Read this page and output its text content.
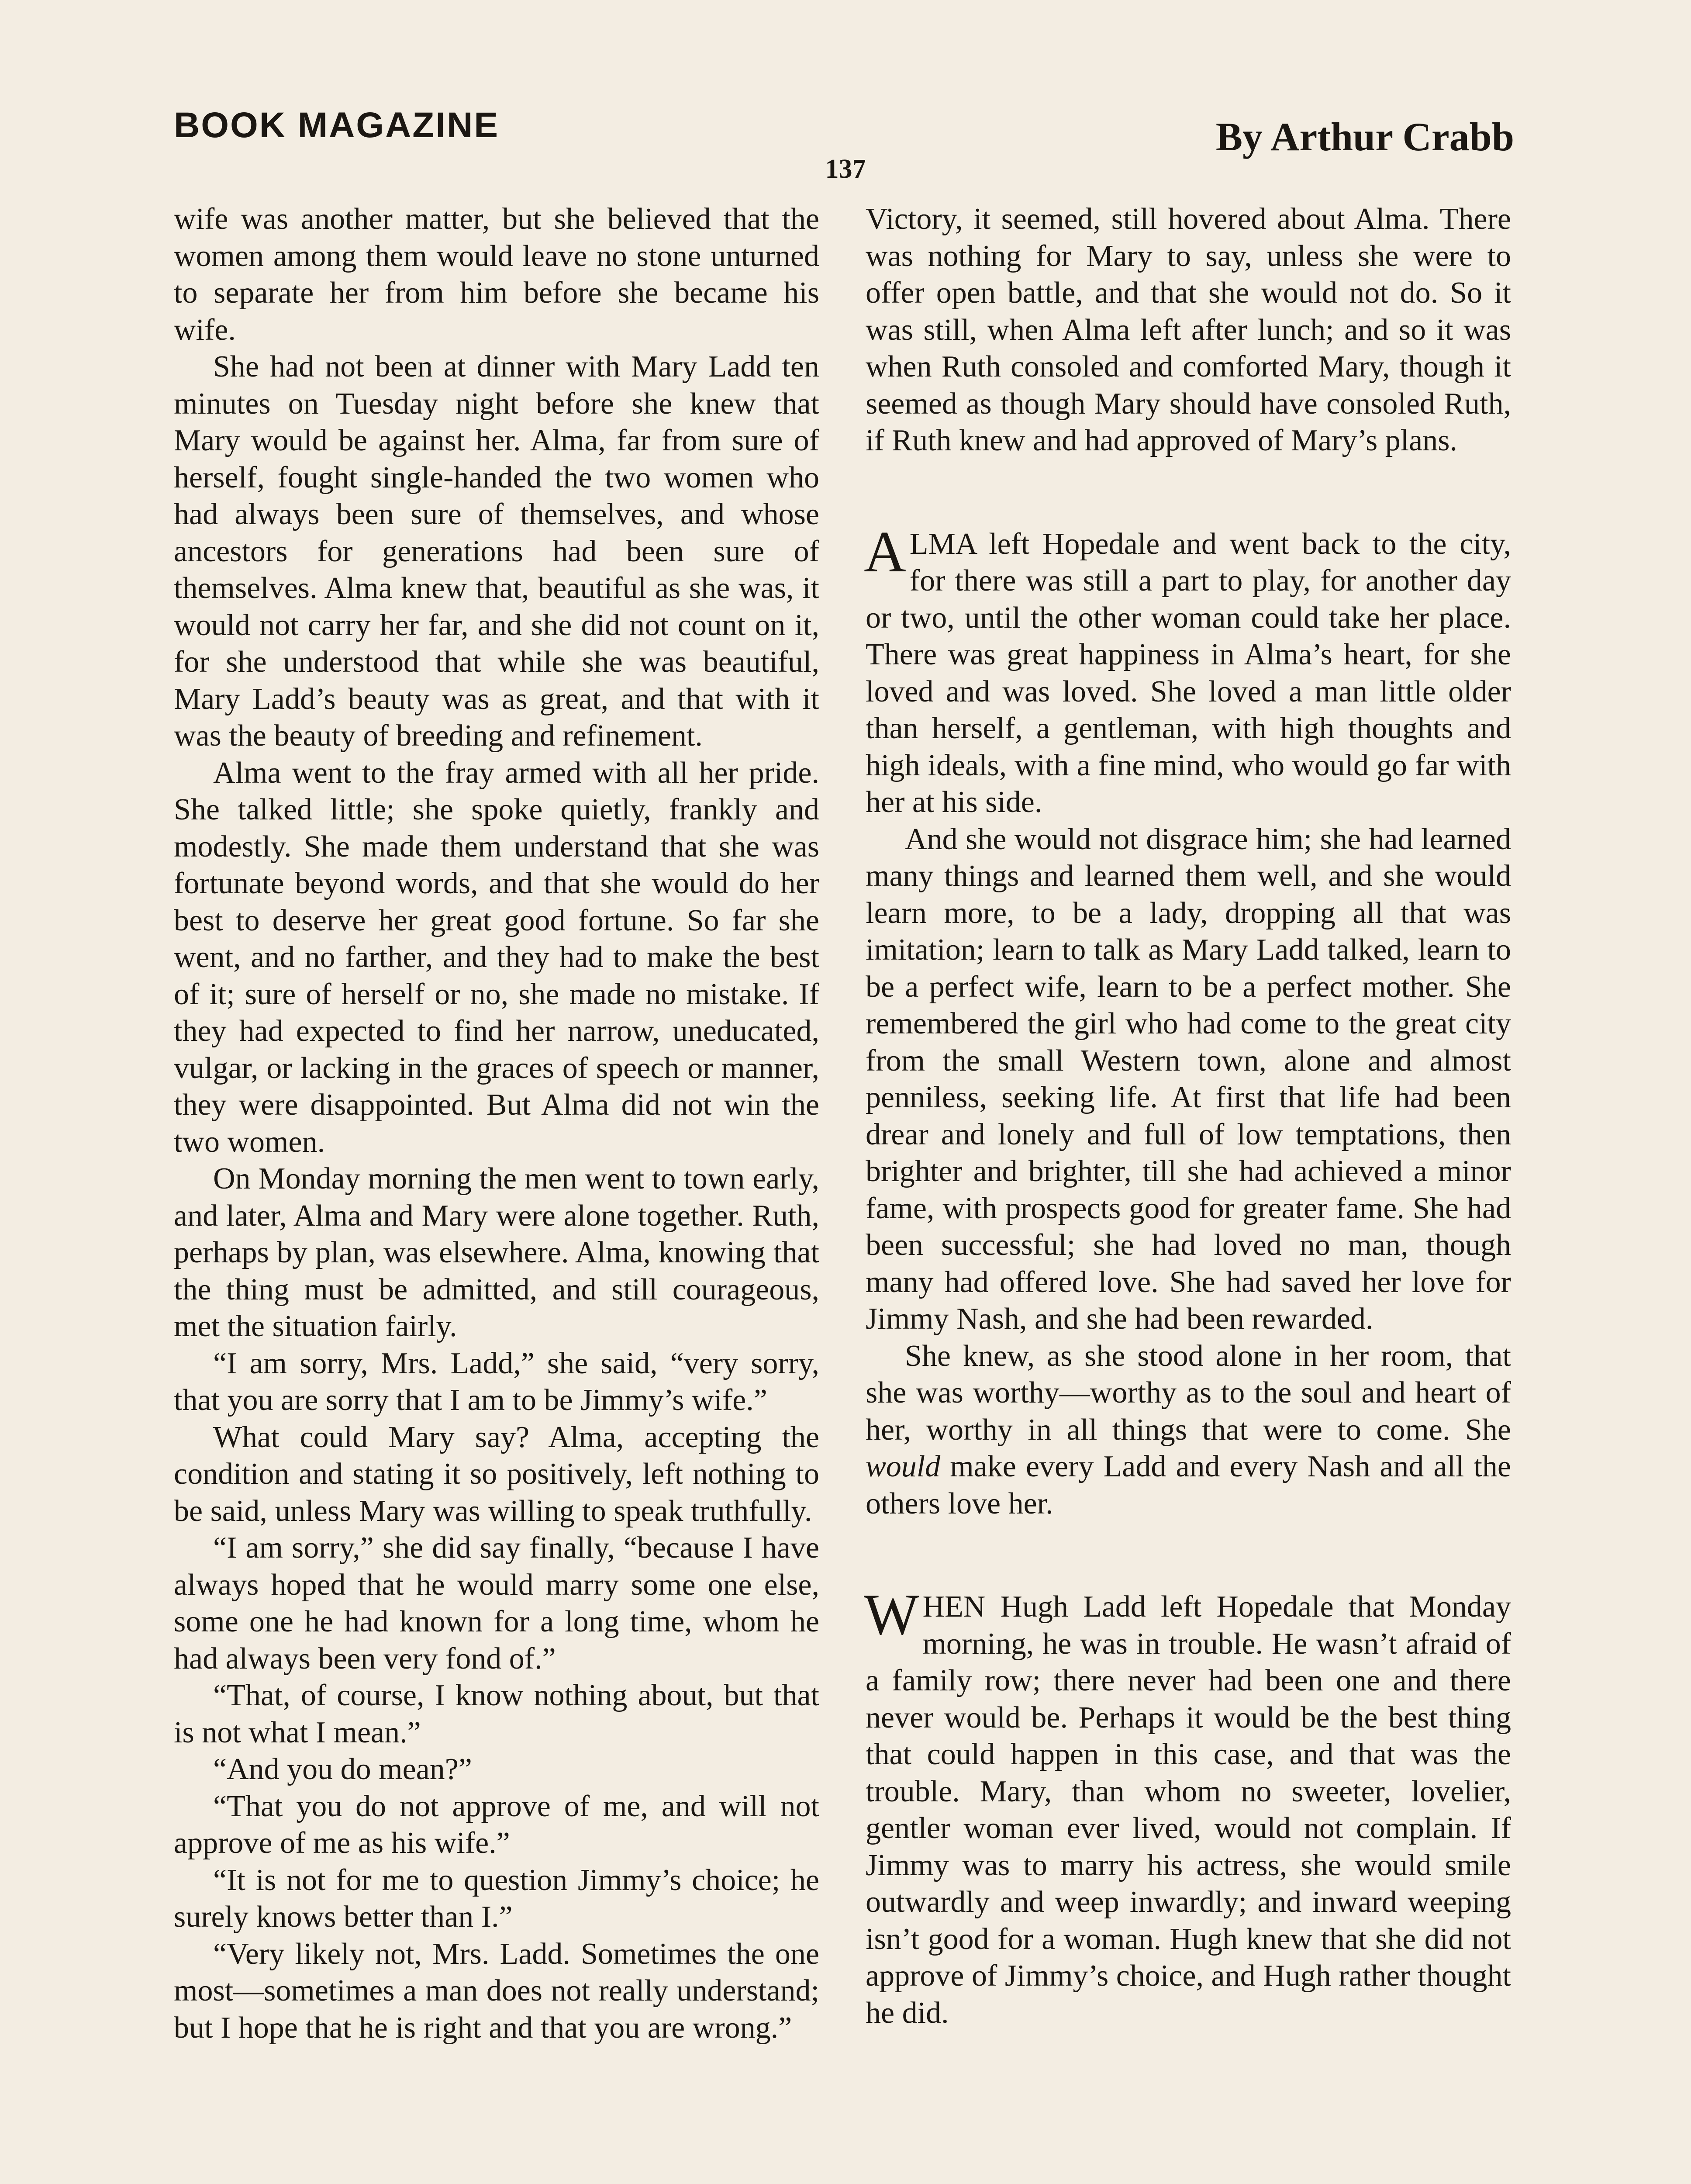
BOOK MAGAZINE	By Arthur Crabb
137

wife was another matter, but she believed that the women among them would leave no stone unturned to separate her from him before she became his wife.

She had not been at dinner with Mary Ladd ten minutes on Tuesday night before she knew that Mary would be against her. Alma, far from sure of herself, fought single-handed the two women who had always been sure of themselves, and whose ancestors for generations had been sure of themselves. Alma knew that, beautiful as she was, it would not carry her far, and she did not count on it, for she understood that while she was beautiful, Mary Ladd’s beauty was as great, and that with it was the beauty of breeding and refinement.

Alma went to the fray armed with all her pride. She talked little; she spoke quietly, frankly and modestly. She made them understand that she was fortunate beyond words, and that she would do her best to deserve her great good fortune. So far she went, and no farther, and they had to make the best of it; sure of herself or no, she made no mistake. If they had expected to find her narrow, uneducated, vulgar, or lacking in the graces of speech or manner, they were disappointed. But Alma did not win the two women.

On Monday morning the men went to town early, and later, Alma and Mary were alone together. Ruth, perhaps by plan, was elsewhere. Alma, knowing that the thing must be admitted, and still courageous, met the situation fairly.

“I am sorry, Mrs. Ladd,” she said, “very sorry, that you are sorry that I am to be Jimmy’s wife.”

What could Mary say? Alma, accepting the condition and stating it so positively, left nothing to be said, unless Mary was willing to speak truthfully.

“I am sorry,” she did say finally, “because I have always hoped that he would marry some one else, some one he had known for a long time, whom he had always been very fond of.”

“That, of course, I know nothing about, but that is not what I mean.”

“And you do mean?”

“That you do not approve of me, and will not approve of me as his wife.”

“It is not for me to question Jimmy’s choice; he surely knows better than I.”

“Very likely not, Mrs. Ladd. Sometimes the one most—sometimes a man does not really understand; but I hope that he is right and that you are wrong.”

Victory, it seemed, still hovered about Alma. There was nothing for Mary to say, unless she were to offer open battle, and that she would not do. So it was still, when Alma left after lunch; and so it was when Ruth consoled and comforted Mary, though it seemed as though Mary should have consoled Ruth, if Ruth knew and had approved of Mary’s plans.

ALMA left Hopedale and went back to the city, for there was still a part to play, for another day or two, until the other woman could take her place. There was great happiness in Alma’s heart, for she loved and was loved. She loved a man little older than herself, a gentleman, with high thoughts and high ideals, with a fine mind, who would go far with her at his side.

And she would not disgrace him; she had learned many things and learned them well, and she would learn more, to be a lady, dropping all that was imitation; learn to talk as Mary Ladd talked, learn to be a perfect wife, learn to be a perfect mother. She remembered the girl who had come to the great city from the small Western town, alone and almost penniless, seeking life. At first that life had been drear and lonely and full of low temptations, then brighter and brighter, till she had achieved a minor fame, with prospects good for greater fame. She had been successful; she had loved no man, though many had offered love. She had saved her love for Jimmy Nash, and she had been rewarded.

She knew, as she stood alone in her room, that she was worthy—worthy as to the soul and heart of her, worthy in all things that were to come. She would make every Ladd and every Nash and all the others love her.

WHEN Hugh Ladd left Hopedale that Monday morning, he was in trouble. He wasn’t afraid of a family row; there never had been one and there never would be. Perhaps it would be the best thing that could happen in this case, and that was the trouble. Mary, than whom no sweeter, lovelier, gentler woman ever lived, would not complain. If Jimmy was to marry his actress, she would smile outwardly and weep inwardly; and inward weeping isn’t good for a woman. Hugh knew that she did not approve of Jimmy’s choice, and Hugh rather thought he did.
